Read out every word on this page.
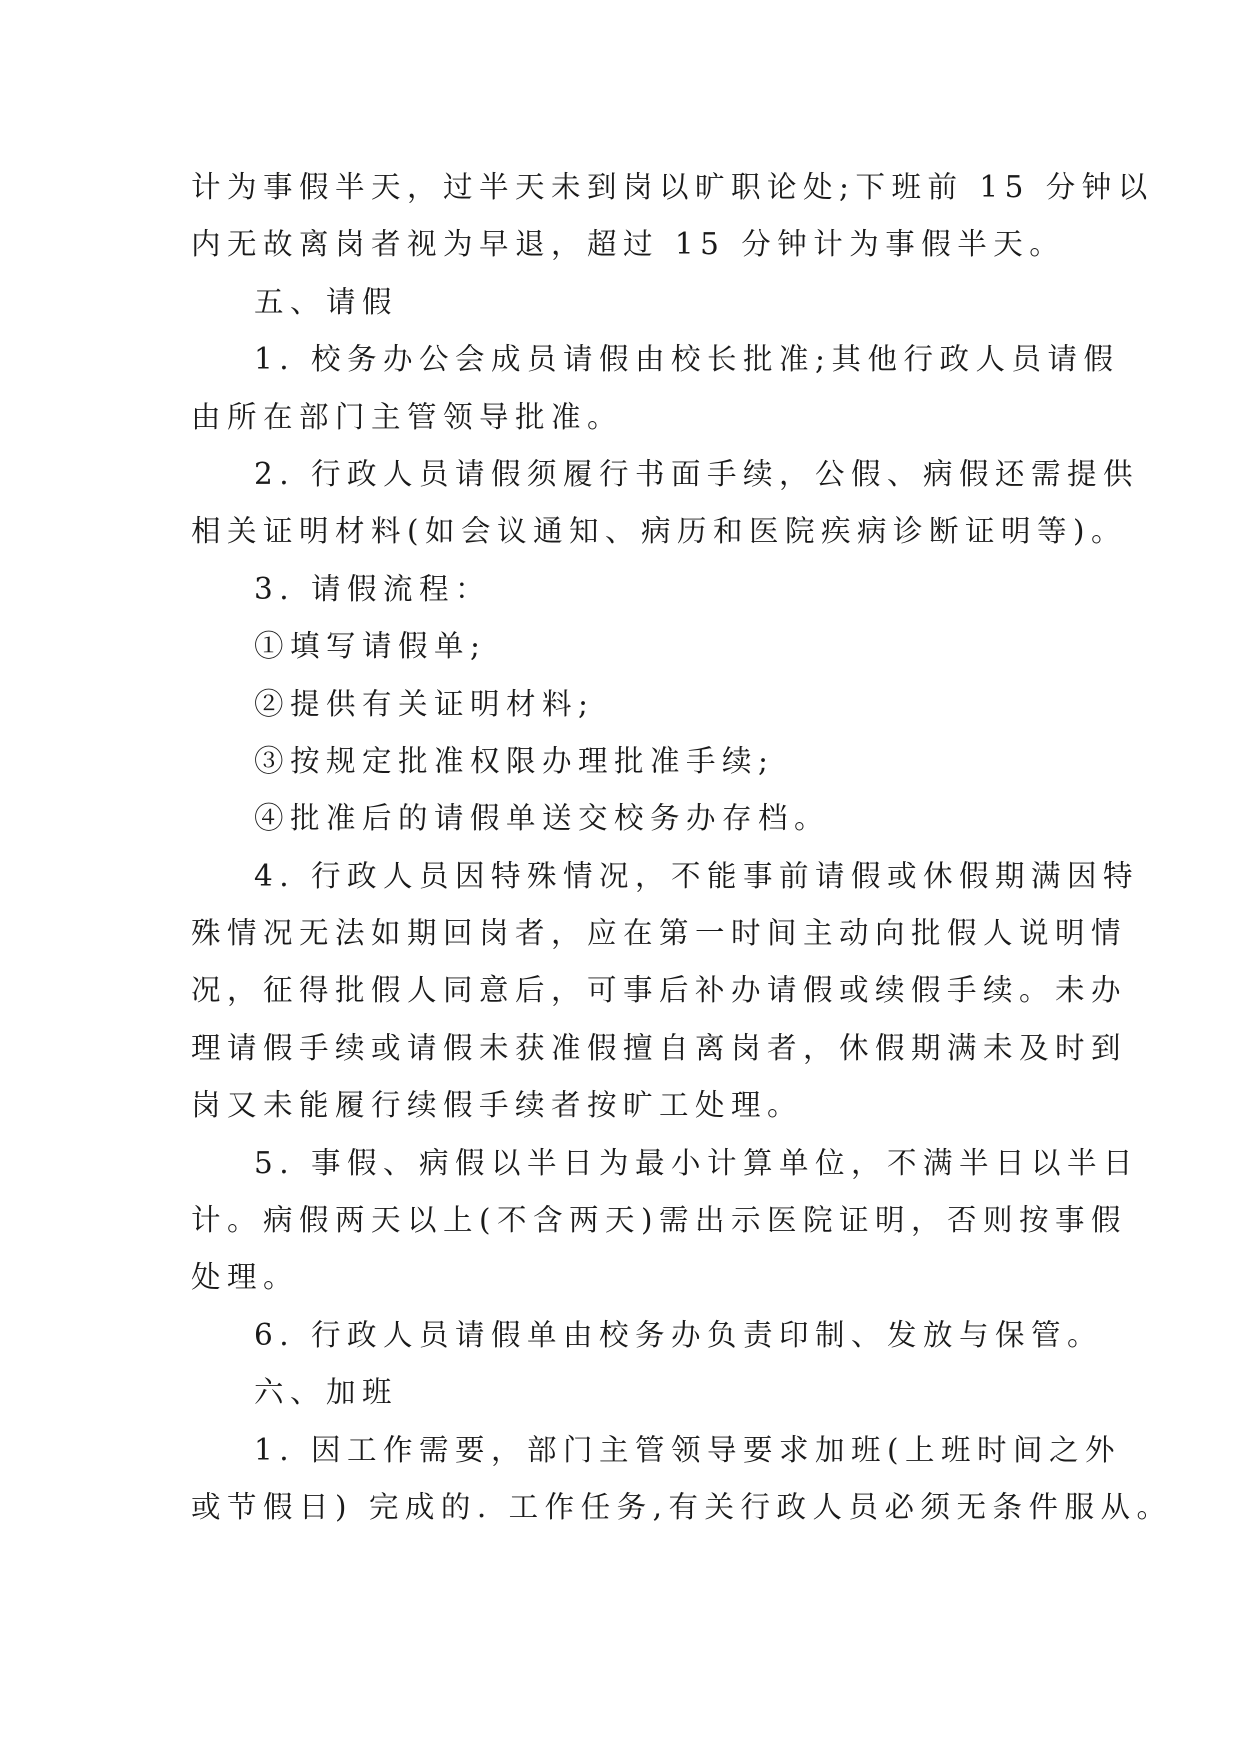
计为事假半天，过半天未到岗以旷职论处;下班前 15 分钟以
内无故离岗者视为早退，超过 15 分钟计为事假半天。
五、请假
1. 校务办公会成员请假由校长批准;其他行政人员请假
由所在部门主管领导批准。
2. 行政人员请假须履行书面手续，公假、病假还需提供
相关证明材料(如会议通知、病历和医院疾病诊断证明等)。
3. 请假流程：
①填写请假单;
②提供有关证明材料;
③按规定批准权限办理批准手续;
④批准后的请假单送交校务办存档。
4. 行政人员因特殊情况，不能事前请假或休假期满因特
殊情况无法如期回岗者，应在第一时间主动向批假人说明情
况，征得批假人同意后，可事后补办请假或续假手续。未办
理请假手续或请假未获准假擅自离岗者，休假期满未及时到
岗又未能履行续假手续者按旷工处理。
5. 事假、病假以半日为最小计算单位，不满半日以半日
计。病假两天以上(不含两天)需出示医院证明，否则按事假
处理。
6. 行政人员请假单由校务办负责印制、发放与保管。
六、加班
1. 因工作需要，部门主管领导要求加班(上班时间之外
或节假日) 完成的. 工作任务,有关行政人员必须无条件服从。
